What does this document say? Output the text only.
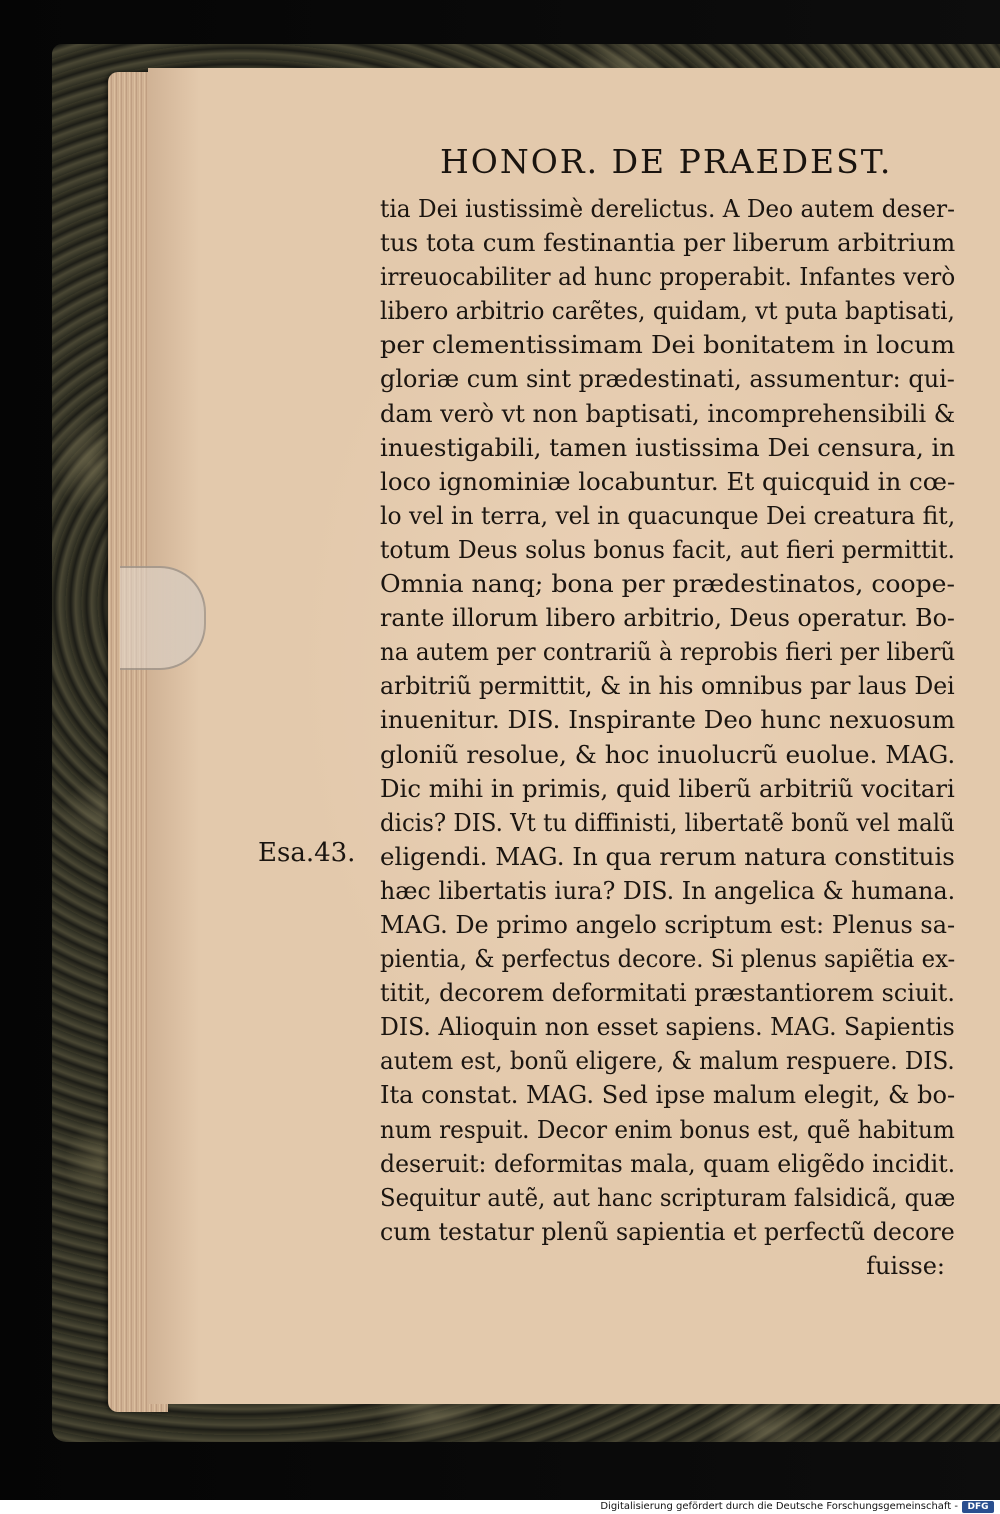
HONOR. DE PRAEDEST.
tia Dei iustissimè derelictus. A Deo autem deser-
tus tota cum festinantia per liberum arbitrium
irreuocabiliter ad hunc properabit. Infantes verò
libero arbitrio carẽtes, quidam, vt puta baptisati,
per clementissimam Dei bonitatem in locum
gloriæ cum sint prædestinati, assumentur: qui-
dam verò vt non baptisati, incomprehensibili &
inuestigabili, tamen iustissima Dei censura, in
loco ignominiæ locabuntur. Et quicquid in cœ-
lo vel in terra, vel in quacunque Dei creatura fit,
totum Deus solus bonus facit, aut fieri permittit.
Omnia nanq; bona per prædestinatos, coope-
rante illorum libero arbitrio, Deus operatur. Bo-
na autem per contrariũ à reprobis fieri per liberũ
arbitriũ permittit, & in his omnibus par laus Dei
inuenitur. DIS. Inspirante Deo hunc nexuosum
gloniũ resolue, & hoc inuolucrũ euolue. MAG.
Dic mihi in primis, quid liberũ arbitriũ vocitari
dicis? DIS. Vt tu diffinisti, libertatẽ bonũ vel malũ
eligendi. MAG. In qua rerum natura constituis
hæc libertatis iura? DIS. In angelica & humana.
MAG. De primo angelo scriptum est: Plenus sa-
pientia, & perfectus decore. Si plenus sapiẽtia ex-
titit, decorem deformitati præstantiorem sciuit.
DIS. Alioquin non esset sapiens. MAG. Sapientis
autem est, bonũ eligere, & malum respuere. DIS.
Ita constat. MAG. Sed ipse malum elegit, & bo-
num respuit. Decor enim bonus est, quẽ habitum
deseruit: deformitas mala, quam eligẽdo incidit.
Sequitur autẽ, aut hanc scripturam falsidicã, quæ
cum testatur plenũ sapientia et perfectũ decore
fuisse:
Esa.43.
Digitalisierung gefördert durch die Deutsche Forschungsgemeinschaft -	DFG
